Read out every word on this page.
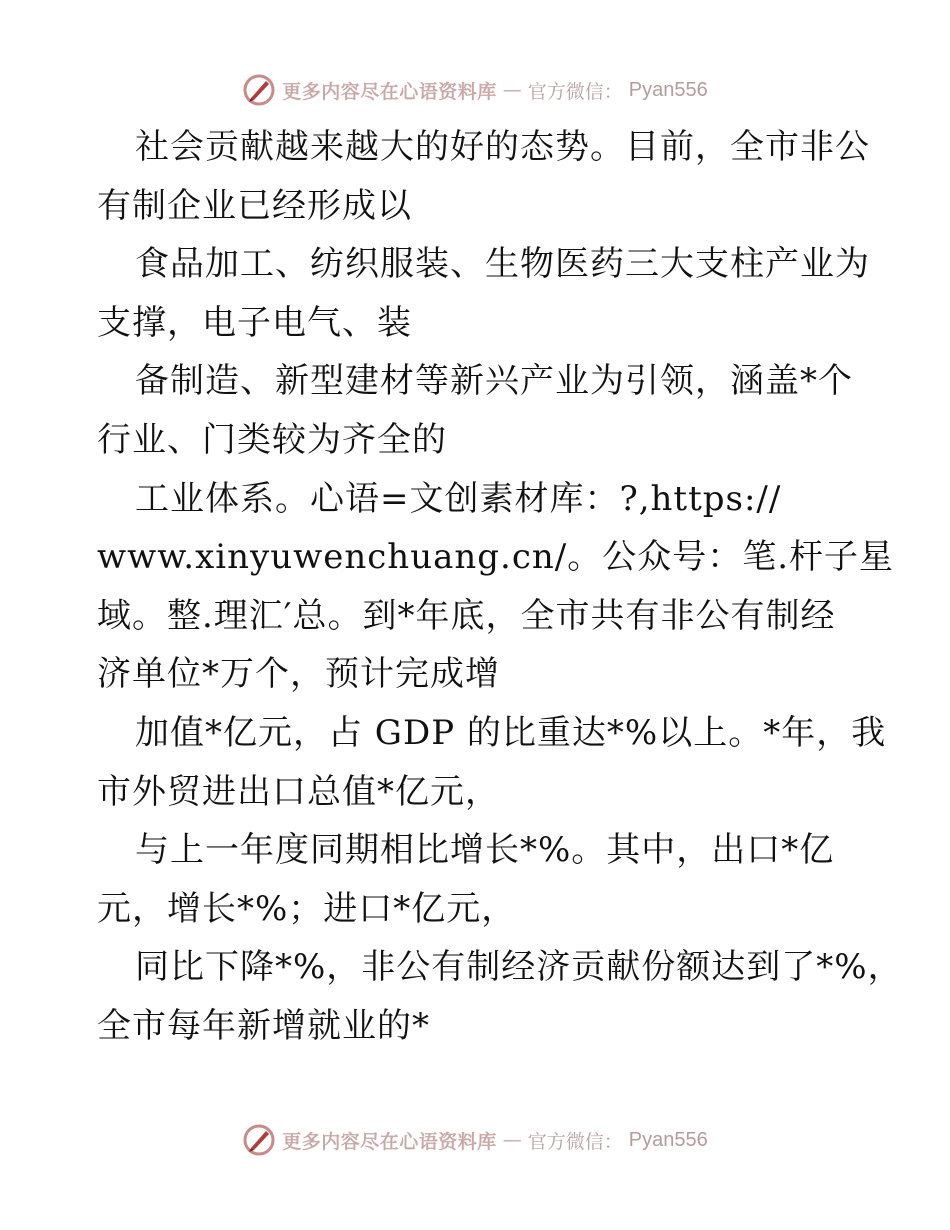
更多内容尽在心语资料库 — 官方微信： Pyan556
社会贡献越来越大的好的态势。目前，全市非公
有制企业已经形成以
食品加工、纺织服装、生物医药三大支柱产业为
支撑，电子电气、装
备制造、新型建材等新兴产业为引领，涵盖*个
行业、门类较为齐全的
工业体系。心语=文创素材库：?,https://
www.xinyuwenchuang.cn/。公众号：笔.杆子星
域。整.理汇′总。到*年底，全市共有非公有制经
济单位*万个，预计完成增
加值*亿元，占 GDP 的比重达*%以上。*年，我
市外贸进出口总值*亿元，
与上一年度同期相比增长*%。其中，出口*亿
元，增长*%；进口*亿元，
同比下降*%，非公有制经济贡献份额达到了*%，
全市每年新增就业的*
更多内容尽在心语资料库 — 官方微信： Pyan556
